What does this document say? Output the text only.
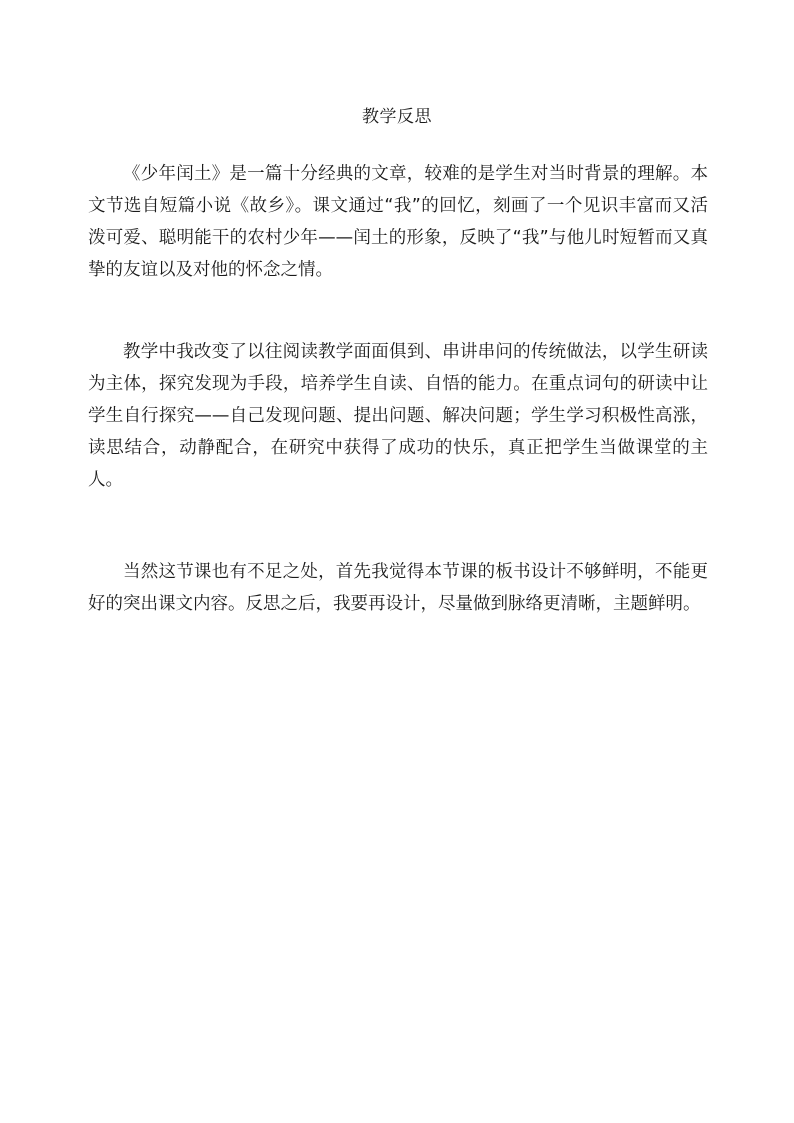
教学反思

《少年闰土》是一篇十分经典的文章，较难的是学生对当时背景的理解。本文节选自短篇小说《故乡》。课文通过“我”的回忆，刻画了一个见识丰富而又活泼可爱、聪明能干的农村少年——闰土的形象，反映了“我”与他儿时短暂而又真挚的友谊以及对他的怀念之情。

教学中我改变了以往阅读教学面面俱到、串讲串问的传统做法，以学生研读为主体，探究发现为手段，培养学生自读、自悟的能力。在重点词句的研读中让学生自行探究——自己发现问题、提出问题、解决问题；学生学习积极性高涨，读思结合，动静配合，在研究中获得了成功的快乐，真正把学生当做课堂的主人。

当然这节课也有不足之处，首先我觉得本节课的板书设计不够鲜明，不能更好的突出课文内容。反思之后，我要再设计，尽量做到脉络更清晰，主题鲜明。
